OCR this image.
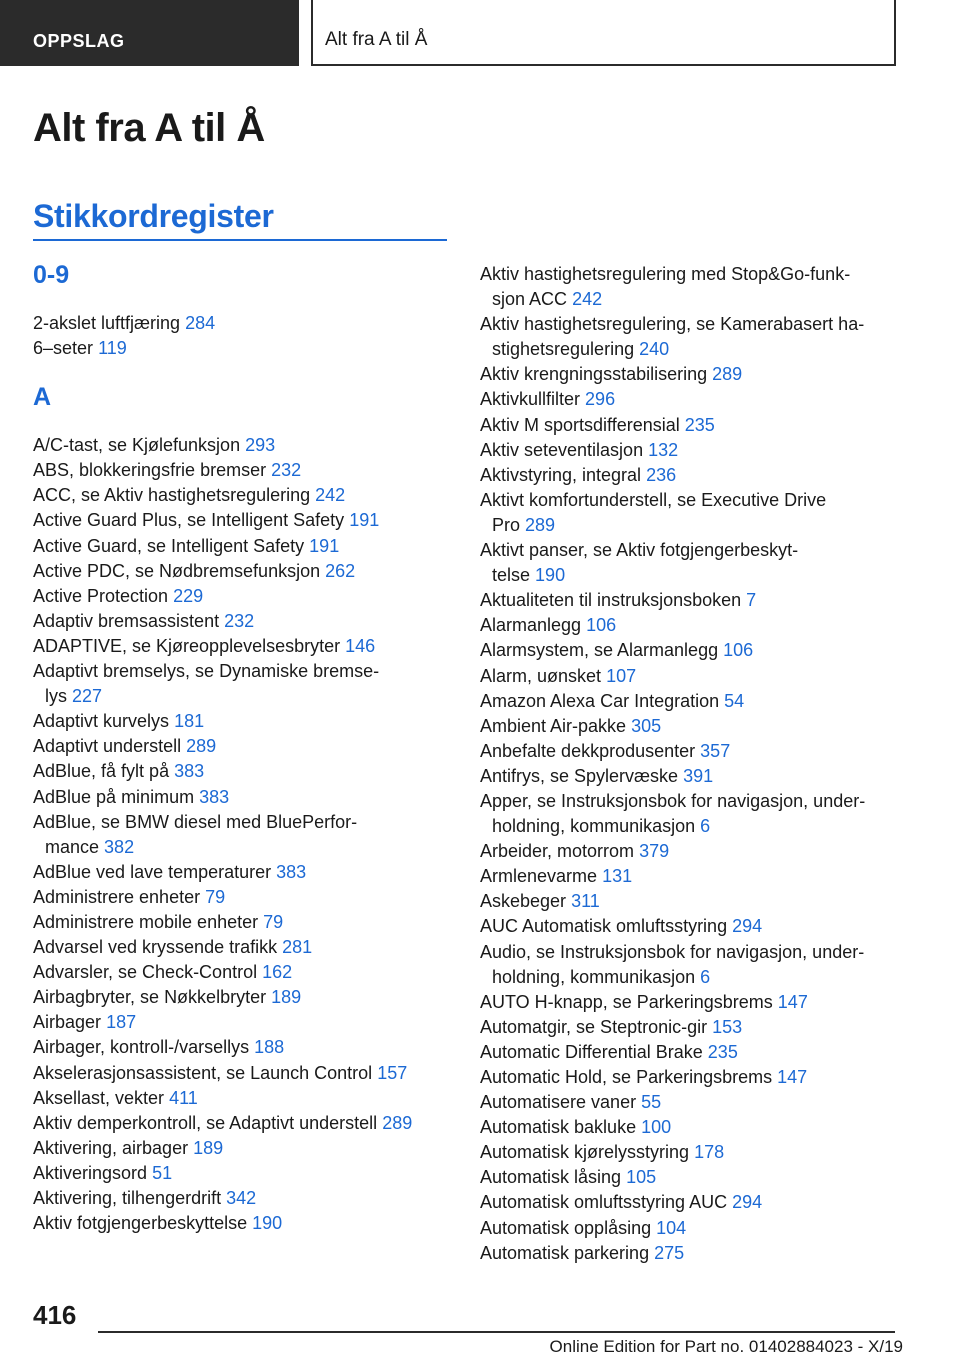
OPPSLAG	Alt fra A til Å
Alt fra A til Å
Stikkordregister
0-9
2-akslet luftfjæring 284
6–seter 119
A
A/C-tast, se Kjølefunksjon 293
ABS, blokkeringsfrie bremser 232
ACC, se Aktiv hastighetsregulering 242
Active Guard Plus, se Intelligent Safety 191
Active Guard, se Intelligent Safety 191
Active PDC, se Nødbremsefunksjon 262
Active Protection 229
Adaptiv bremsassistent 232
ADAPTIVE, se Kjøreopplevelsesbryter 146
Adaptivt bremselys, se Dynamiske bremse-
lys 227
Adaptivt kurvelys 181
Adaptivt understell 289
AdBlue, få fylt på 383
AdBlue på minimum 383
AdBlue, se BMW diesel med BluePerfor-
mance 382
AdBlue ved lave temperaturer 383
Administrere enheter 79
Administrere mobile enheter 79
Advarsel ved kryssende trafikk 281
Advarsler, se Check-Control 162
Airbagbryter, se Nøkkelbryter 189
Airbager 187
Airbager, kontroll-/varsellys 188
Akselerasjonsassistent, se Launch Control 157
Aksellast, vekter 411
Aktiv demperkontroll, se Adaptivt understell 289
Aktivering, airbager 189
Aktiveringsord 51
Aktivering, tilhengerdrift 342
Aktiv fotgjengerbeskyttelse 190
Aktiv hastighetsregulering med Stop&Go-funk-
sjon ACC 242
Aktiv hastighetsregulering, se Kamerabasert ha-
stighetsregulering 240
Aktiv krengningsstabilisering 289
Aktivkullfilter 296
Aktiv M sportsdifferensial 235
Aktiv seteventilasjon 132
Aktivstyring, integral 236
Aktivt komfortunderstell, se Executive Drive
Pro 289
Aktivt panser, se Aktiv fotgjengerbeskyt-
telse 190
Aktualiteten til instruksjonsboken 7
Alarmanlegg 106
Alarmsystem, se Alarmanlegg 106
Alarm, uønsket 107
Amazon Alexa Car Integration 54
Ambient Air-pakke 305
Anbefalte dekkprodusenter 357
Antifrys, se Spylervæske 391
Apper, se Instruksjonsbok for navigasjon, under-
holdning, kommunikasjon 6
Arbeider, motorrom 379
Armlenevarme 131
Askebeger 311
AUC Automatisk omluftsstyring 294
Audio, se Instruksjonsbok for navigasjon, under-
holdning, kommunikasjon 6
AUTO H-knapp, se Parkeringsbrems 147
Automatgir, se Steptronic-gir 153
Automatic Differential Brake 235
Automatic Hold, se Parkeringsbrems 147
Automatisere vaner 55
Automatisk bakluke 100
Automatisk kjørelysstyring 178
Automatisk låsing 105
Automatisk omluftsstyring AUC 294
Automatisk opplåsing 104
Automatisk parkering 275
416
Online Edition for Part no. 01402884023 - X/19
